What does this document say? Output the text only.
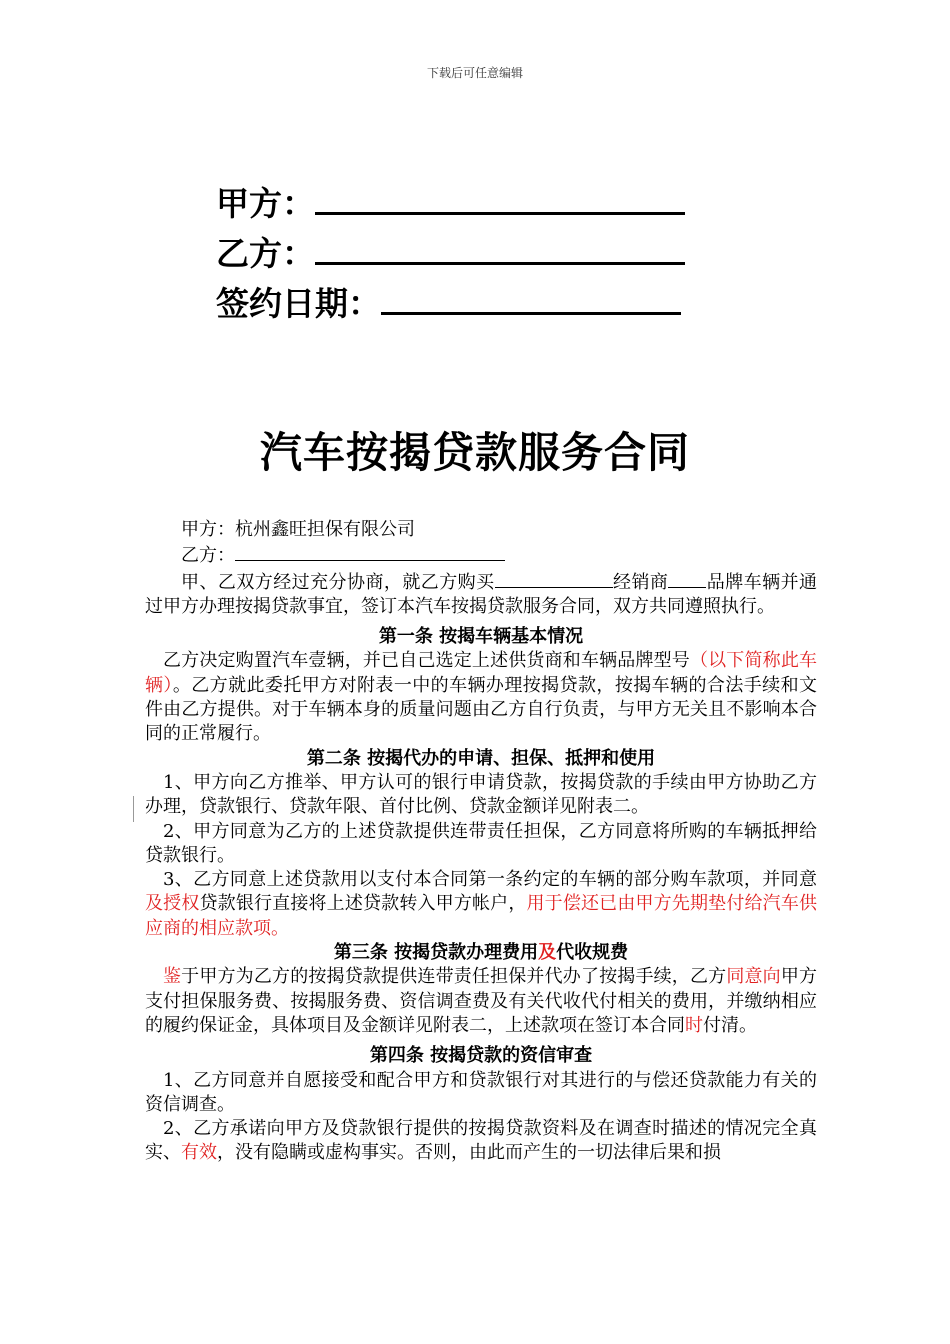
下载后可任意编辑
甲方：
乙方：
签约日期：
汽车按揭贷款服务合同

甲方：杭州鑫旺担保有限公司

乙方：

甲、乙双方经过充分协商，就乙方购买	经销商 品牌车辆并通过甲方办理按揭贷款事宜，签订本汽车按揭贷款服务合同，双方共同遵照执行。

第一条 按揭车辆基本情况

乙方决定购置汽车壹辆，并已自己选定上述供货商和车辆品牌型号（以下简称此车辆）。乙方就此委托甲方对附表一中的车辆办理按揭贷款，按揭车辆的合法手续和文件由乙方提供。对于车辆本身的质量问题由乙方自行负责，与甲方无关且不影响本合同的正常履行。

第二条 按揭代办的申请、担保、抵押和使用

1、甲方向乙方推举、甲方认可的银行申请贷款，按揭贷款的手续由甲方协助乙方办理，贷款银行、贷款年限、首付比例、贷款金额详见附表二。

2、甲方同意为乙方的上述贷款提供连带责任担保，乙方同意将所购的车辆抵押给贷款银行。

3、乙方同意上述贷款用以支付本合同第一条约定的车辆的部分购车款项，并同意及授权贷款银行直接将上述贷款转入甲方帐户，用于偿还已由甲方先期垫付给汽车供应商的相应款项。

第三条 按揭贷款办理费用及代收规费

鉴于甲方为乙方的按揭贷款提供连带责任担保并代办了按揭手续，乙方同意向甲方支付担保服务费、按揭服务费、资信调查费及有关代收代付相关的费用，并缴纳相应的履约保证金，具体项目及金额详见附表二，上述款项在签订本合同时付清。

第四条 按揭贷款的资信审查

1、乙方同意并自愿接受和配合甲方和贷款银行对其进行的与偿还贷款能力有关的资信调查。

2、乙方承诺向甲方及贷款银行提供的按揭贷款资料及在调查时描述的情况完全真实、有效，没有隐瞒或虚构事实。否则，由此而产生的一切法律后果和损
